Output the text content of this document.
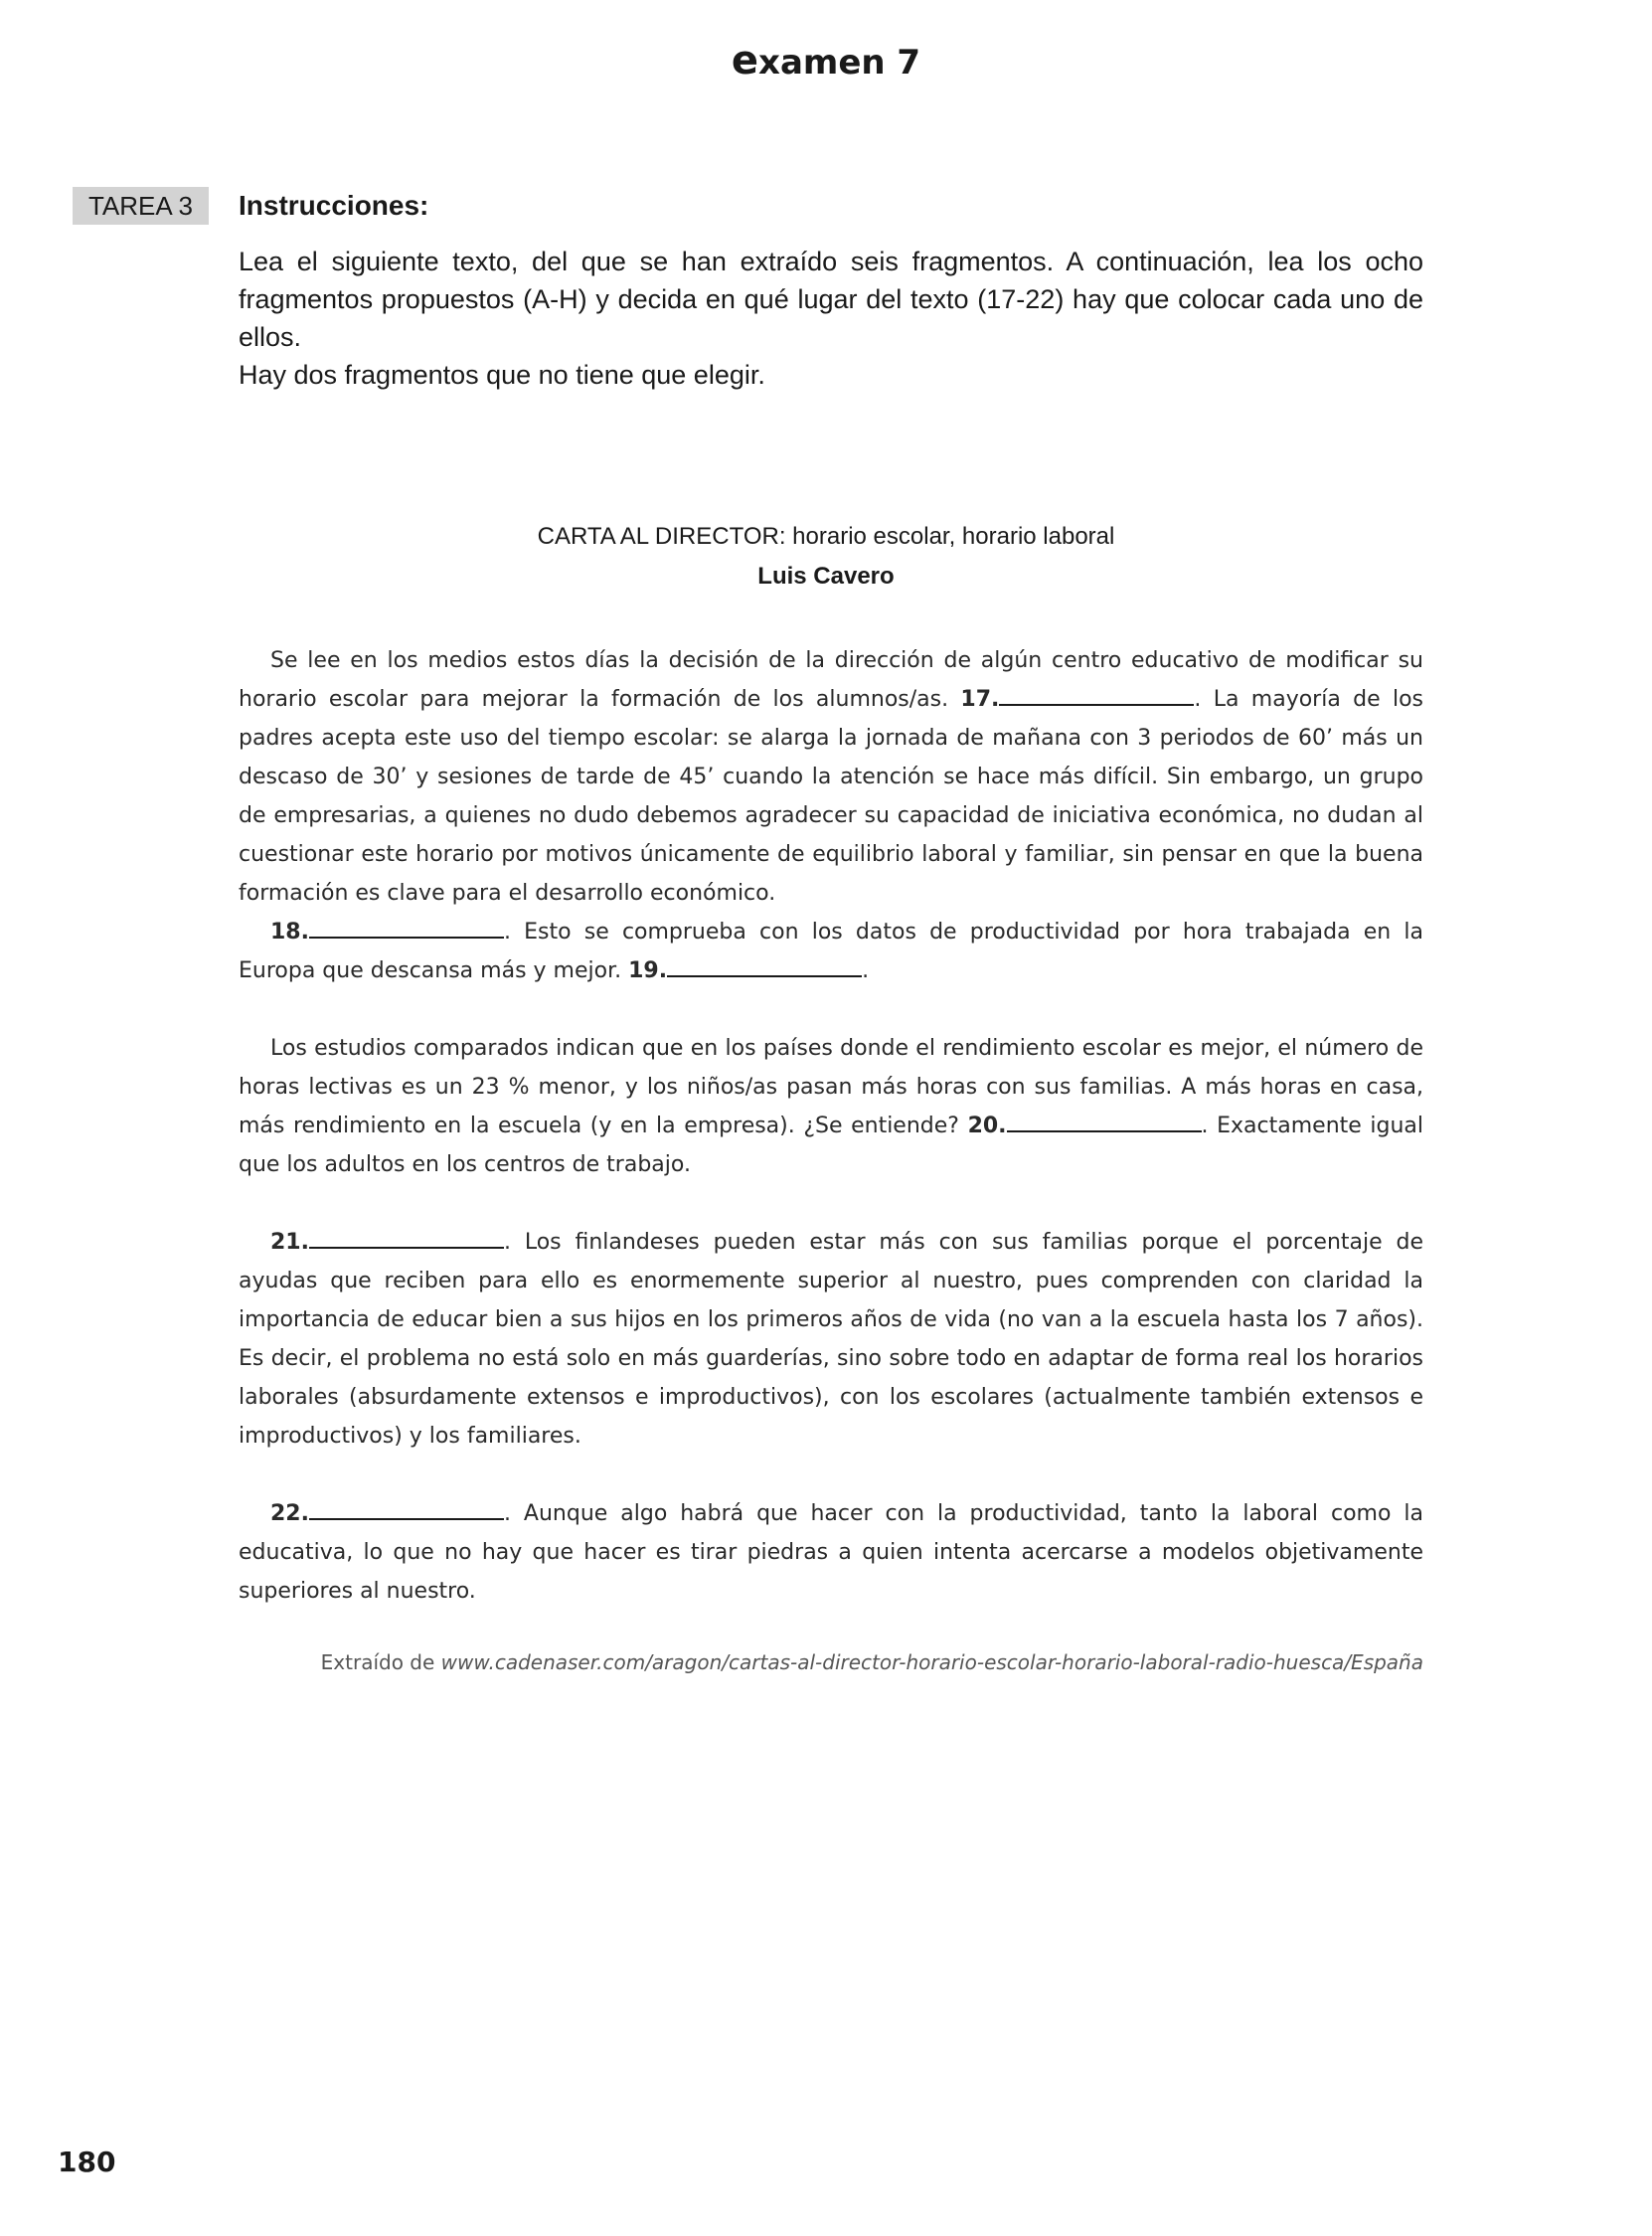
examen 7
TAREA 3	Instrucciones:

Lea el siguiente texto, del que se han extraído seis fragmentos. A continuación, lea los ocho fragmentos propuestos (A-H) y decida en qué lugar del texto (17-22) hay que colocar cada uno de ellos.

Hay dos fragmentos que no tiene que elegir.

CARTA AL DIRECTOR: horario escolar, horario laboral
Luis Cavero

Se lee en los medios estos días la decisión de la dirección de algún centro educativo de modificar su horario escolar para mejorar la formación de los alumnos/as. 17.	. La mayoría de los padres acepta este uso del tiempo escolar: se alarga la jornada de mañana con 3 periodos de 60’ más un descaso de 30’ y sesiones de tarde de 45’ cuando la atención se hace más difícil. Sin embargo, un grupo de empresarias, a quienes no dudo debemos agradecer su capacidad de iniciativa económica, no dudan al cuestionar este horario por motivos únicamente de equilibrio laboral y familiar, sin pensar en que la buena formación es clave para el desarrollo económico.

18.	. Esto se comprueba con los datos de productividad por hora trabajada en la Europa que descansa más y mejor. 19.	.

Los estudios comparados indican que en los países donde el rendimiento escolar es mejor, el número de horas lectivas es un 23 % menor, y los niños/as pasan más horas con sus familias. A más horas en casa, más rendimiento en la escuela (y en la empresa). ¿Se entiende? 20.	. Exactamente igual que los adultos en los centros de trabajo.

21.	. Los finlandeses pueden estar más con sus familias porque el porcentaje de ayudas que reciben para ello es enormemente superior al nuestro, pues comprenden con claridad la importancia de educar bien a sus hijos en los primeros años de vida (no van a la escuela hasta los 7 años). Es decir, el problema no está solo en más guarderías, sino sobre todo en adaptar de forma real los horarios laborales (absurdamente extensos e improductivos), con los escolares (actualmente también extensos e improductivos) y los familiares.

22.	. Aunque algo habrá que hacer con la productividad, tanto la laboral como la educativa, lo que no hay que hacer es tirar piedras a quien intenta acercarse a modelos objetivamente superiores al nuestro.

Extraído de www.cadenaser.com/aragon/cartas-al-director-horario-escolar-horario-laboral-radio-huesca/España
180
